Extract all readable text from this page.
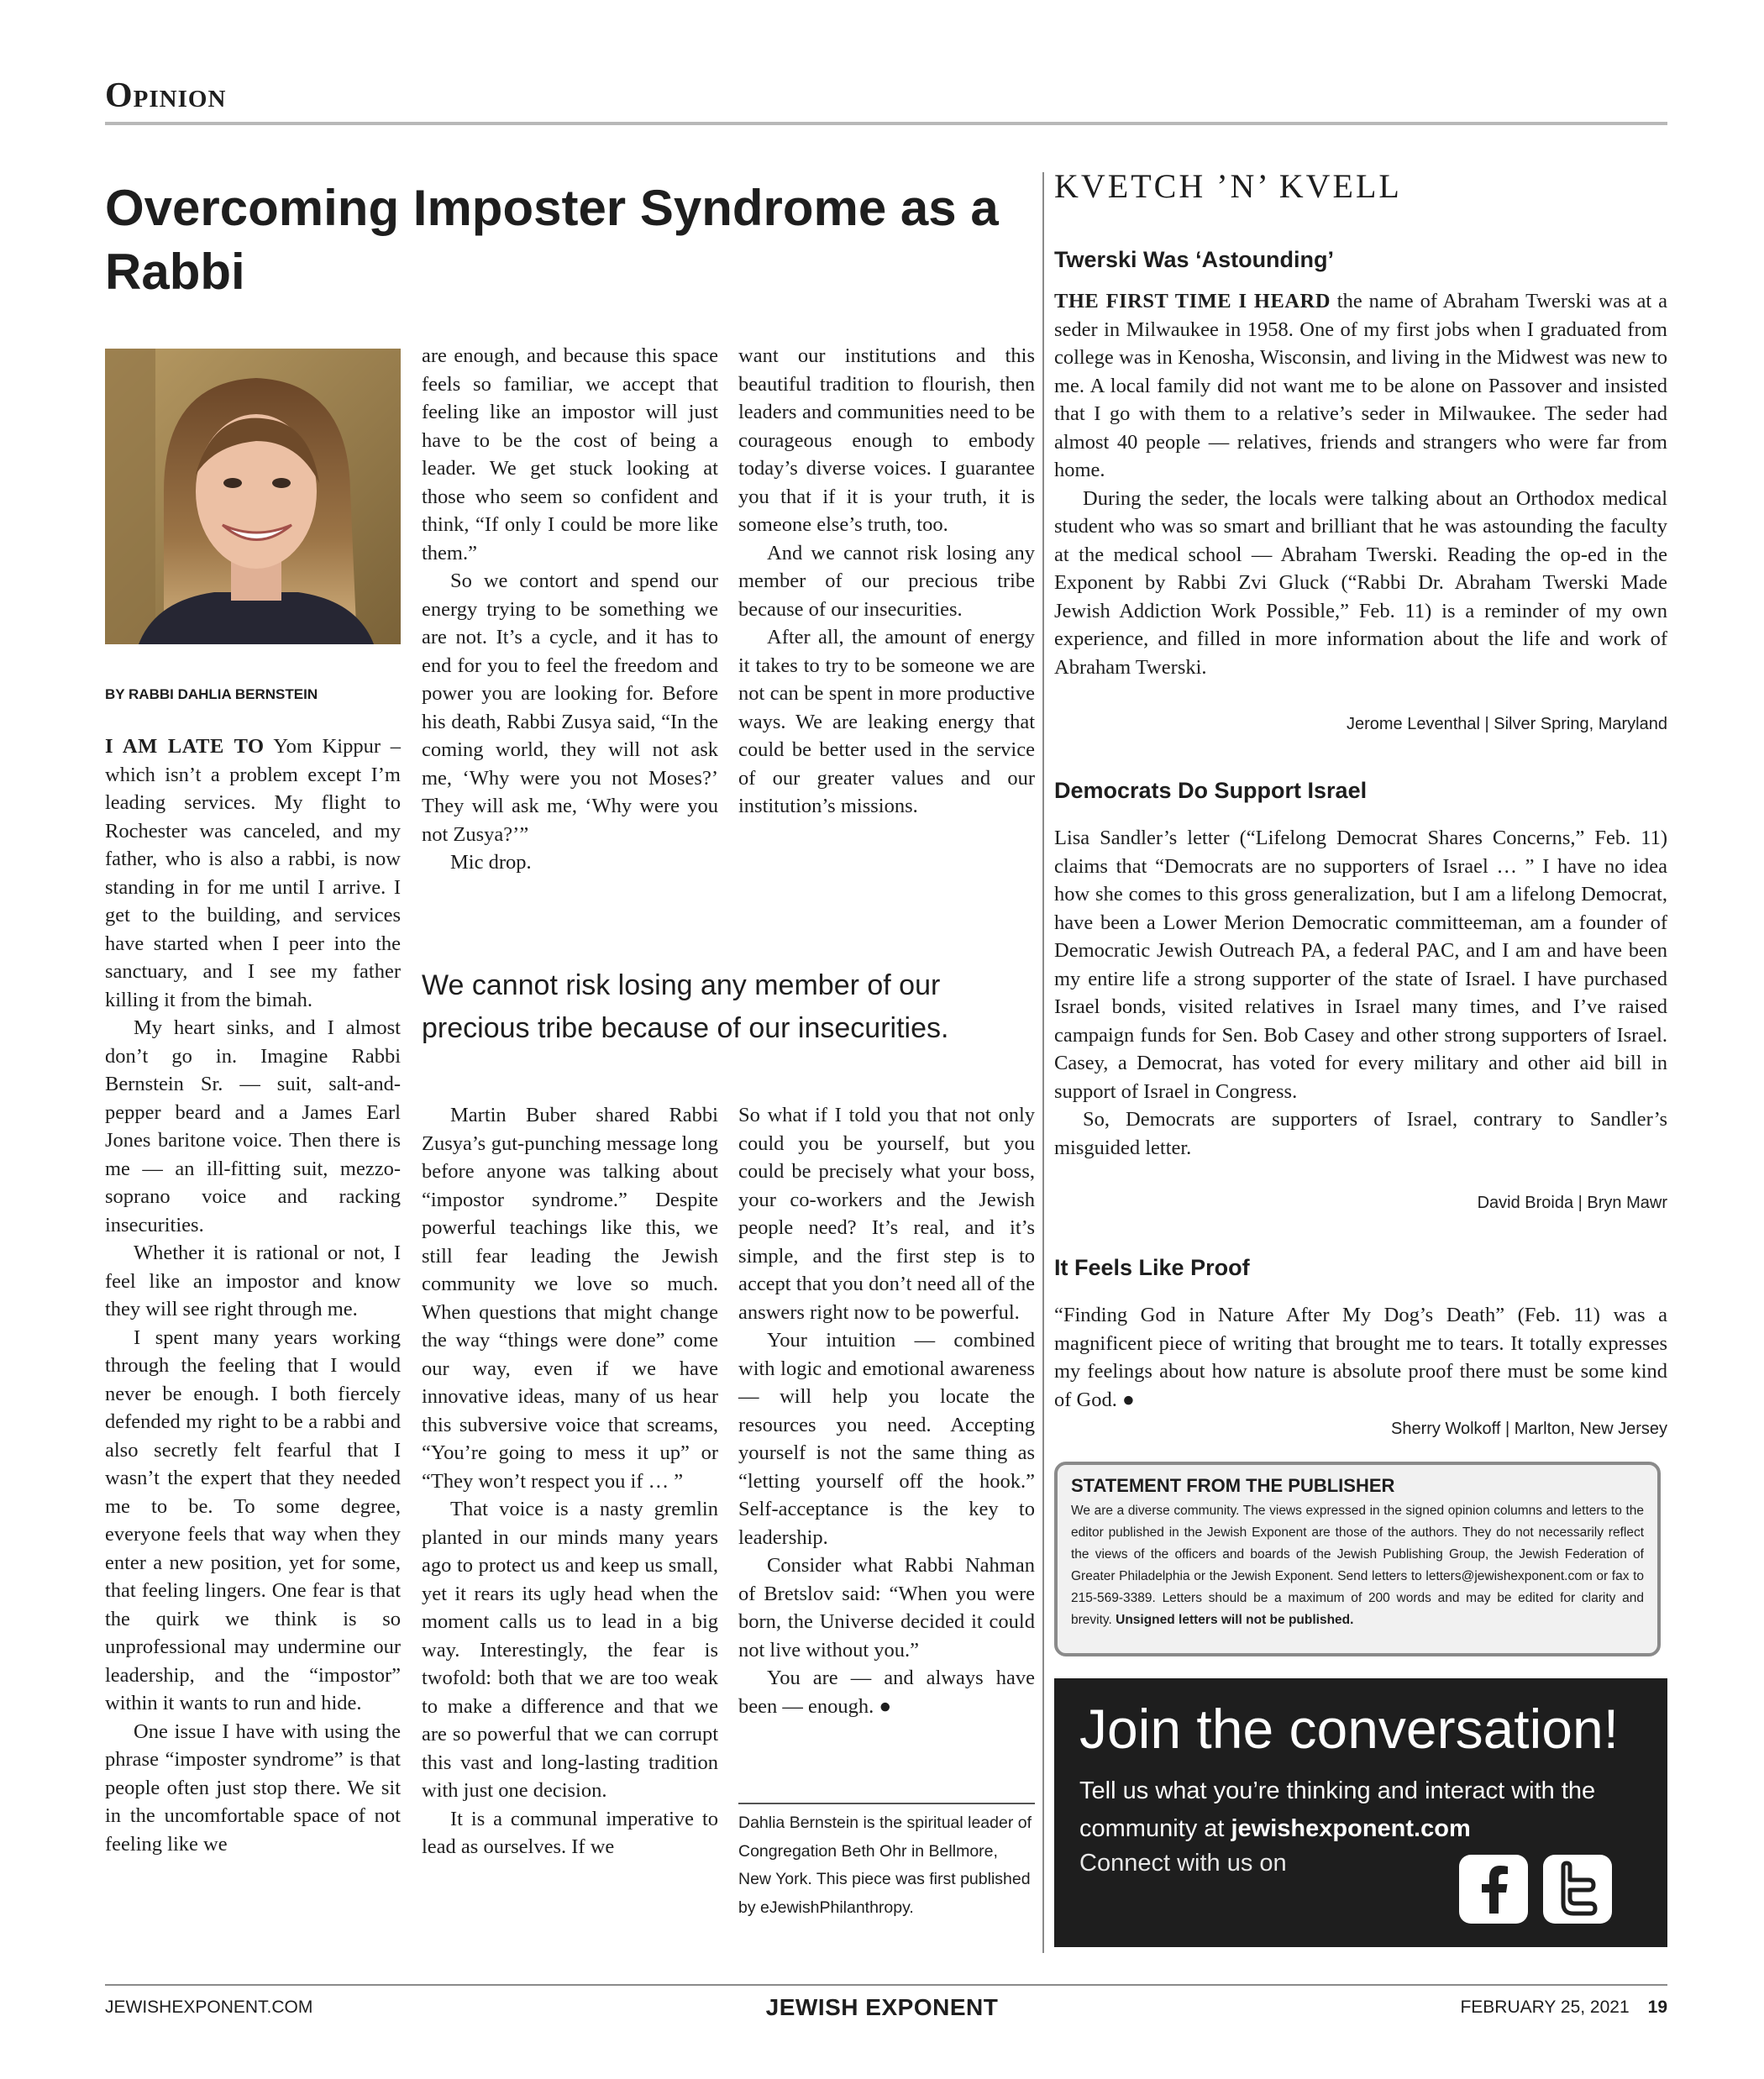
Opinion
Overcoming Imposter Syndrome as a Rabbi
BY RABBI DAHLIA BERNSTEIN

I AM LATE TO Yom Kippur – which isn’t a problem except I’m leading services. My flight to Rochester was canceled, and my father, who is also a rabbi, is now standing in for me until I arrive. I get to the building, and services have started when I peer into the sanctuary, and I see my father killing it from the bimah.

My heart sinks, and I almost don’t go in. Imagine Rabbi Bernstein Sr. — suit, salt-and-pepper beard and a James Earl Jones baritone voice. Then there is me — an ill-fitting suit, mezzo-soprano voice and racking insecurities.

Whether it is rational or not, I feel like an impostor and know they will see right through me.

I spent many years working through the feeling that I would never be enough. I both fiercely defended my right to be a rabbi and also secretly felt fearful that I wasn’t the expert that they needed me to be. To some degree, everyone feels that way when they enter a new position, yet for some, that feeling lingers. One fear is that the quirk we think is so unprofessional may undermine our leadership, and the “impostor” within it wants to run and hide.

One issue I have with using the phrase “imposter syndrome” is that people often just stop there. We sit in the uncomfortable space of not feeling like we

are enough, and because this space feels so familiar, we accept that feeling like an impostor will just have to be the cost of being a leader. We get stuck looking at those who seem so confident and think, “If only I could be more like them.”

So we contort and spend our energy trying to be something we are not. It’s a cycle, and it has to end for you to feel the freedom and power you are looking for. Before his death, Rabbi Zusya said, “In the coming world, they will not ask me, ‘Why were you not Moses?’ They will ask me, ‘Why were you not Zusya?’”

Mic drop.

want our institutions and this beautiful tradition to flourish, then leaders and communities need to be courageous enough to embody today’s diverse voices. I guarantee you that if it is your truth, it is someone else’s truth, too.

And we cannot risk losing any member of our precious tribe because of our insecurities.

After all, the amount of energy it takes to try to be someone we are not can be spent in more productive ways. We are leaking energy that could be better used in the service of our greater values and our institution’s missions.

We cannot risk losing any member of our precious tribe because of our insecurities.

Martin Buber shared Rabbi Zusya’s gut-punching message long before anyone was talking about “impostor syndrome.” Despite powerful teachings like this, we still fear leading the Jewish community we love so much. When questions that might change the way “things were done” come our way, even if we have innovative ideas, many of us hear this subversive voice that screams, “You’re going to mess it up” or “They won’t respect you if … ”

That voice is a nasty gremlin planted in our minds many years ago to protect us and keep us small, yet it rears its ugly head when the moment calls us to lead in a big way. Interestingly, the fear is twofold: both that we are too weak to make a difference and that we are so powerful that we can corrupt this vast and long-lasting tradition with just one decision.

It is a communal imperative to lead as ourselves. If we

So what if I told you that not only could you be yourself, but you could be precisely what your boss, your co-workers and the Jewish people need? It’s real, and it’s simple, and the first step is to accept that you don’t need all of the answers right now to be powerful.

Your intuition — combined with logic and emotional awareness — will help you locate the resources you need. Accepting yourself is not the same thing as “letting yourself off the hook.” Self-acceptance is the key to leadership.

Consider what Rabbi Nahman of Bretslov said: “When you were born, the Universe decided it could not live without you.”

You are — and always have been — enough. ●

Dahlia Bernstein is the spiritual leader of Congregation Beth Ohr in Bellmore, New York. This piece was first published by eJewishPhilanthropy.
KVETCH ’N’ KVELL
Twerski Was ‘Astounding’

THE FIRST TIME I HEARD the name of Abraham Twerski was at a seder in Milwaukee in 1958. One of my first jobs when I graduated from college was in Kenosha, Wisconsin, and living in the Midwest was new to me. A local family did not want me to be alone on Passover and insisted that I go with them to a relative’s seder in Milwaukee. The seder had almost 40 people — relatives, friends and strangers who were far from home.

During the seder, the locals were talking about an Orthodox medical student who was so smart and brilliant that he was astounding the faculty at the medical school — Abraham Twerski. Reading the op-ed in the Exponent by Rabbi Zvi Gluck (“Rabbi Dr. Abraham Twerski Made Jewish Addiction Work Possible,” Feb. 11) is a reminder of my own experience, and filled in more information about the life and work of Abraham Twerski.

Jerome Leventhal | Silver Spring, Maryland
Democrats Do Support Israel

Lisa Sandler’s letter (“Lifelong Democrat Shares Concerns,” Feb. 11) claims that “Democrats are no supporters of Israel … ” I have no idea how she comes to this gross generalization, but I am a lifelong Democrat, have been a Lower Merion Democratic committeeman, am a founder of Democratic Jewish Outreach PA, a federal PAC, and I am and have been my entire life a strong supporter of the state of Israel. I have purchased Israel bonds, visited relatives in Israel many times, and I’ve raised campaign funds for Sen. Bob Casey and other strong supporters of Israel. Casey, a Democrat, has voted for every military and other aid bill in support of Israel in Congress.

So, Democrats are supporters of Israel, contrary to Sandler’s misguided letter.

David Broida | Bryn Mawr
It Feels Like Proof

“Finding God in Nature After My Dog’s Death” (Feb. 11) was a magnificent piece of writing that brought me to tears. It totally expresses my feelings about how nature is absolute proof there must be some kind of God. ●

Sherry Wolkoff | Marlton, New Jersey
STATEMENT FROM THE PUBLISHER
We are a diverse community. The views expressed in the signed opinion columns and letters to the editor published in the Jewish Exponent are those of the authors. They do not necessarily reflect the views of the officers and boards of the Jewish Publishing Group, the Jewish Federation of Greater Philadelphia or the Jewish Exponent. Send letters to letters@jewishexponent.com or fax to 215-569-3389. Letters should be a maximum of 200 words and may be edited for clarity and brevity. Unsigned letters will not be published.
Join the conversation!
Tell us what you’re thinking and interact with the community at jewishexponent.com
Connect with us on
JEWISHEXPONENT.COM	JEWISH EXPONENT	FEBRUARY 25, 2021 19
